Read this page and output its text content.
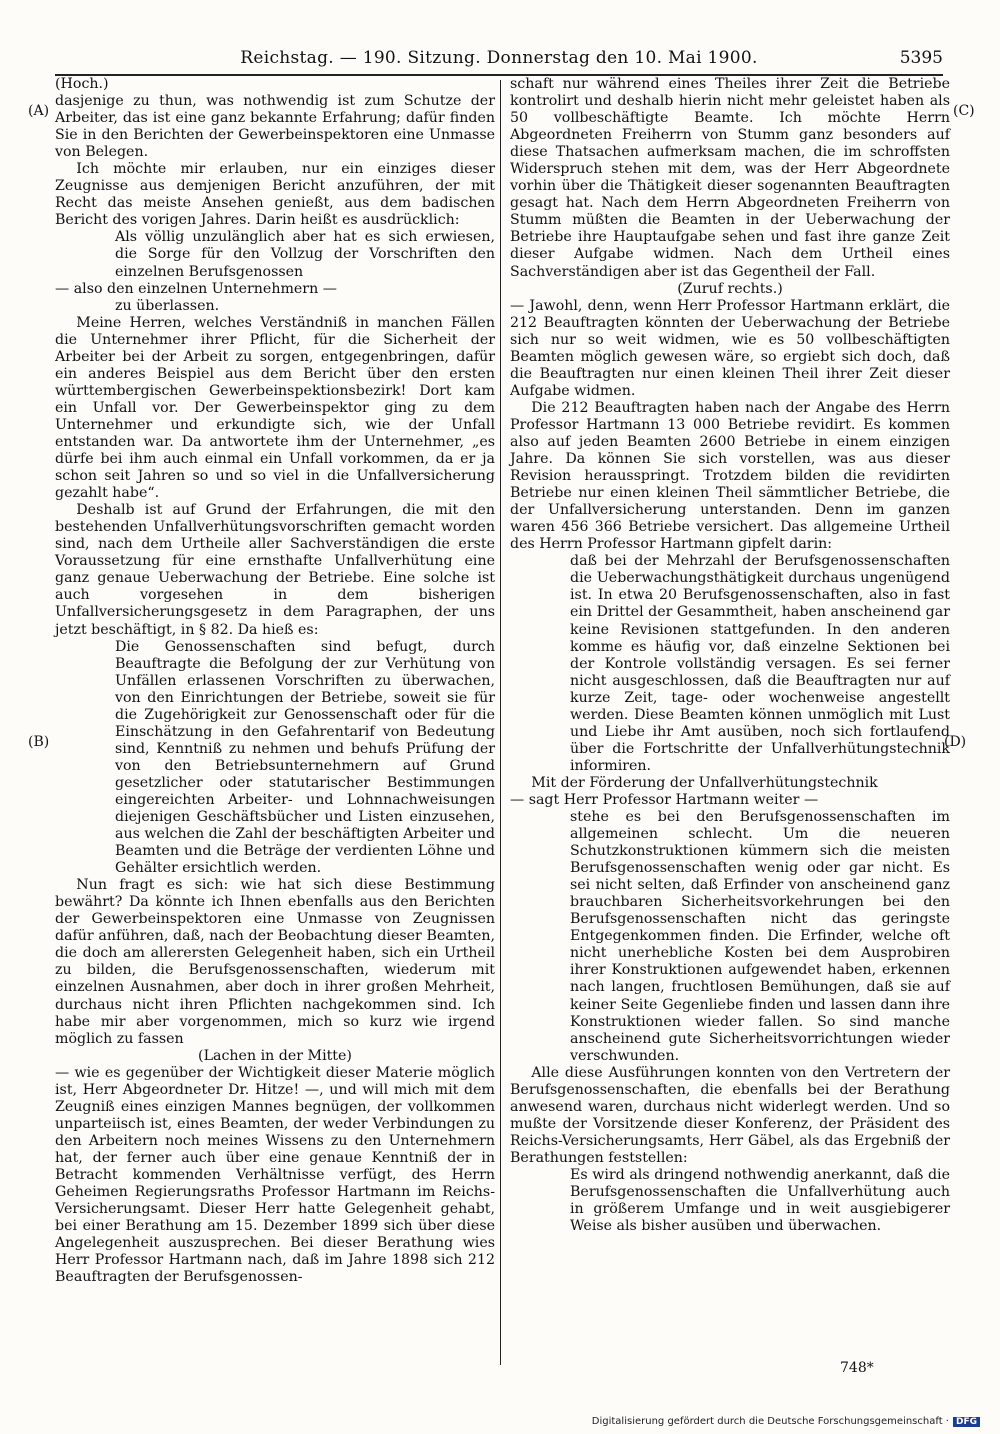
Reichstag. — 190. Sitzung. Donnerstag den 10. Mai 1900.	5395
(A)
(B)
(C)
(D)

(Hoch.)

dasjenige zu thun, was nothwendig ist zum Schutze der Arbeiter, das ist eine ganz bekannte Erfahrung; dafür finden Sie in den Berichten der Gewerbeinspektoren eine Unmasse von Belegen.

Ich möchte mir erlauben, nur ein einziges dieser Zeugnisse aus demjenigen Bericht anzuführen, der mit Recht das meiste Ansehen genießt, aus dem badischen Bericht des vorigen Jahres. Darin heißt es ausdrücklich:

Als völlig unzulänglich aber hat es sich erwiesen, die Sorge für den Vollzug der Vorschriften den einzelnen Berufsgenossen

— also den einzelnen Unternehmern —

zu überlassen.

Meine Herren, welches Verständniß in manchen Fällen die Unternehmer ihrer Pflicht, für die Sicherheit der Arbeiter bei der Arbeit zu sorgen, entgegenbringen, dafür ein anderes Beispiel aus dem Bericht über den ersten württembergischen Gewerbeinspektionsbezirk! Dort kam ein Unfall vor. Der Gewerbeinspektor ging zu dem Unternehmer und erkundigte sich, wie der Unfall entstanden war. Da antwortete ihm der Unternehmer, „es dürfe bei ihm auch einmal ein Unfall vorkommen, da er ja schon seit Jahren so und so viel in die Unfallversicherung gezahlt habe“.

Deshalb ist auf Grund der Erfahrungen, die mit den bestehenden Unfallverhütungsvorschriften gemacht worden sind, nach dem Urtheile aller Sachverständigen die erste Voraussetzung für eine ernsthafte Unfallverhütung eine ganz genaue Ueberwachung der Betriebe. Eine solche ist auch vorgesehen in dem bisherigen Unfallversicherungsgesetz in dem Paragraphen, der uns jetzt beschäftigt, in § 82. Da hieß es:

Die Genossenschaften sind befugt, durch Beauftragte die Befolgung der zur Verhütung von Unfällen erlassenen Vorschriften zu überwachen, von den Einrichtungen der Betriebe, soweit sie für die Zugehörigkeit zur Genossenschaft oder für die Einschätzung in den Gefahrentarif von Bedeutung sind, Kenntniß zu nehmen und behufs Prüfung der von den Betriebsunternehmern auf Grund gesetzlicher oder statutarischer Bestimmungen eingereichten Arbeiter- und Lohnnachweisungen diejenigen Geschäftsbücher und Listen einzusehen, aus welchen die Zahl der beschäftigten Arbeiter und Beamten und die Beträge der verdienten Löhne und Gehälter ersichtlich werden.

Nun fragt es sich: wie hat sich diese Bestimmung bewährt? Da könnte ich Ihnen ebenfalls aus den Berichten der Gewerbeinspektoren eine Unmasse von Zeugnissen dafür anführen, daß, nach der Beobachtung dieser Beamten, die doch am allerersten Gelegenheit haben, sich ein Urtheil zu bilden, die Berufsgenossenschaften, wiederum mit einzelnen Ausnahmen, aber doch in ihrer großen Mehrheit, durchaus nicht ihren Pflichten nachgekommen sind. Ich habe mir aber vorgenommen, mich so kurz wie irgend möglich zu fassen

(Lachen in der Mitte)

— wie es gegenüber der Wichtigkeit dieser Materie möglich ist, Herr Abgeordneter Dr. Hitze! —, und will mich mit dem Zeugniß eines einzigen Mannes begnügen, der vollkommen unparteiisch ist, eines Beamten, der weder Verbindungen zu den Arbeitern noch meines Wissens zu den Unternehmern hat, der ferner auch über eine genaue Kenntniß der in Betracht kommenden Verhältnisse verfügt, des Herrn Geheimen Regierungsraths Professor Hartmann im Reichs-Versicherungsamt. Dieser Herr hatte Gelegenheit gehabt, bei einer Berathung am 15. Dezember 1899 sich über diese Angelegenheit auszusprechen. Bei dieser Berathung wies Herr Professor Hartmann nach, daß im Jahre 1898 sich 212 Beauftragten der Berufsgenossen-

schaft nur während eines Theiles ihrer Zeit die Betriebe kontrolirt und deshalb hierin nicht mehr geleistet haben als 50 vollbeschäftigte Beamte. Ich möchte Herrn Abgeordneten Freiherrn von Stumm ganz besonders auf diese Thatsachen aufmerksam machen, die im schroffsten Widerspruch stehen mit dem, was der Herr Abgeordnete vorhin über die Thätigkeit dieser sogenannten Beauftragten gesagt hat. Nach dem Herrn Abgeordneten Freiherrn von Stumm müßten die Beamten in der Ueberwachung der Betriebe ihre Hauptaufgabe sehen und fast ihre ganze Zeit dieser Aufgabe widmen. Nach dem Urtheil eines Sachverständigen aber ist das Gegentheil der Fall.

(Zuruf rechts.)

— Jawohl, denn, wenn Herr Professor Hartmann erklärt, die 212 Beauftragten könnten der Ueberwachung der Betriebe sich nur so weit widmen, wie es 50 vollbeschäftigten Beamten möglich gewesen wäre, so ergiebt sich doch, daß die Beauftragten nur einen kleinen Theil ihrer Zeit dieser Aufgabe widmen.

Die 212 Beauftragten haben nach der Angabe des Herrn Professor Hartmann 13 000 Betriebe revidirt. Es kommen also auf jeden Beamten 2600 Betriebe in einem einzigen Jahre. Da können Sie sich vorstellen, was aus dieser Revision herausspringt. Trotzdem bilden die revidirten Betriebe nur einen kleinen Theil sämmtlicher Betriebe, die der Unfallversicherung unterstanden. Denn im ganzen waren 456 366 Betriebe versichert. Das allgemeine Urtheil des Herrn Professor Hartmann gipfelt darin:

daß bei der Mehrzahl der Berufsgenossenschaften die Ueberwachungsthätigkeit durchaus ungenügend ist. In etwa 20 Berufsgenossenschaften, also in fast ein Drittel der Gesammtheit, haben anscheinend gar keine Revisionen stattgefunden. In den anderen komme es häufig vor, daß einzelne Sektionen bei der Kontrole vollständig versagen. Es sei ferner nicht ausgeschlossen, daß die Beauftragten nur auf kurze Zeit, tage- oder wochenweise angestellt werden. Diese Beamten können unmöglich mit Lust und Liebe ihr Amt ausüben, noch sich fortlaufend über die Fortschritte der Unfallverhütungstechnik informiren.

Mit der Förderung der Unfallverhütungstechnik

— sagt Herr Professor Hartmann weiter —

stehe es bei den Berufsgenossenschaften im allgemeinen schlecht. Um die neueren Schutzkonstruktionen kümmern sich die meisten Berufsgenossenschaften wenig oder gar nicht. Es sei nicht selten, daß Erfinder von anscheinend ganz brauchbaren Sicherheitsvorkehrungen bei den Berufsgenossenschaften nicht das geringste Entgegenkommen finden. Die Erfinder, welche oft nicht unerhebliche Kosten bei dem Ausprobiren ihrer Konstruktionen aufgewendet haben, erkennen nach langen, fruchtlosen Bemühungen, daß sie auf keiner Seite Gegenliebe finden und lassen dann ihre Konstruktionen wieder fallen. So sind manche anscheinend gute Sicherheitsvorrichtungen wieder verschwunden.

Alle diese Ausführungen konnten von den Vertretern der Berufsgenossenschaften, die ebenfalls bei der Berathung anwesend waren, durchaus nicht widerlegt werden. Und so mußte der Vorsitzende dieser Konferenz, der Präsident des Reichs-Versicherungsamts, Herr Gäbel, als das Ergebniß der Berathungen feststellen:

Es wird als dringend nothwendig anerkannt, daß die Berufsgenossenschaften die Unfallverhütung auch in größerem Umfange und in weit ausgiebigerer Weise als bisher ausüben und überwachen.

748*
Digitalisierung gefördert durch die Deutsche Forschungsgemeinschaft · DFG
